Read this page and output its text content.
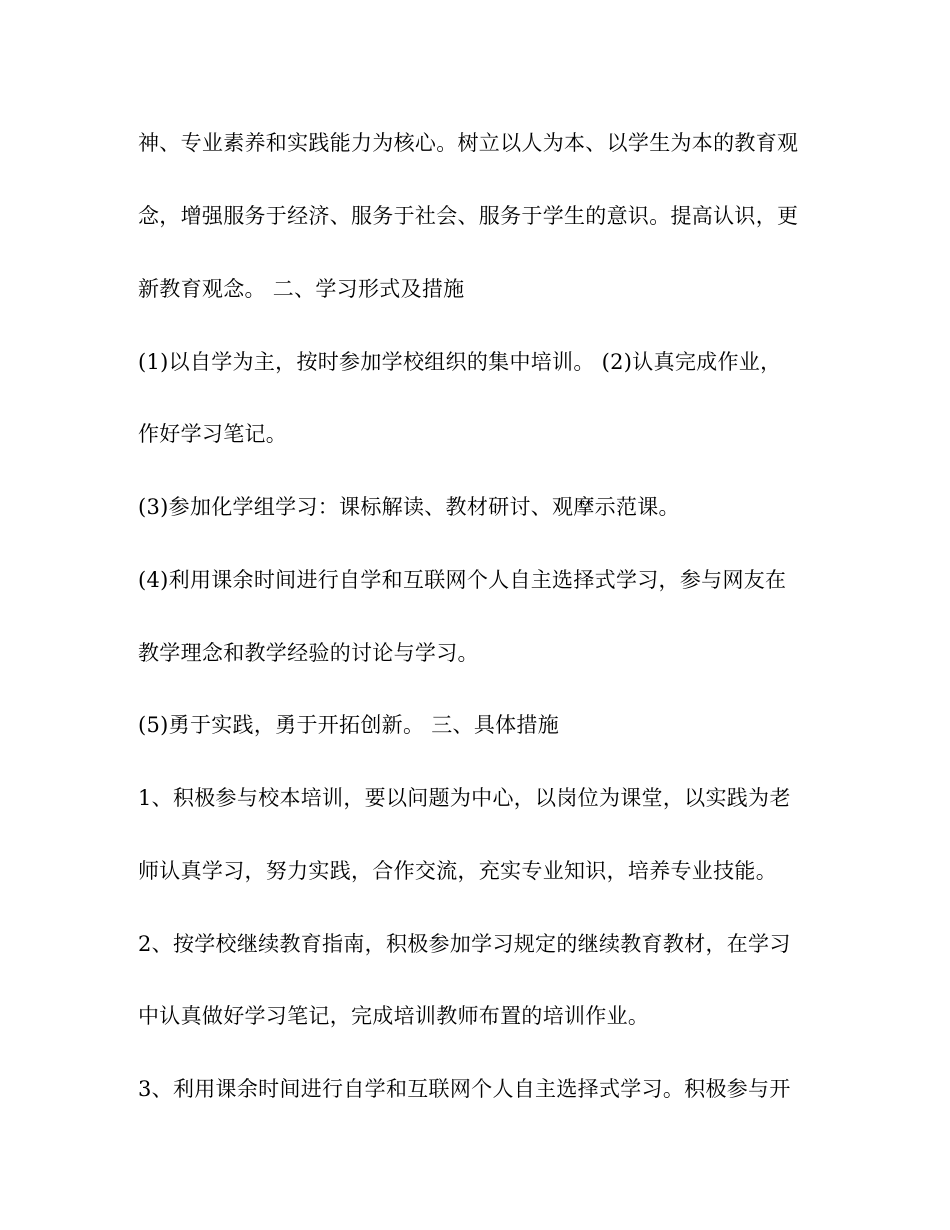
神、专业素养和实践能力为核心。树立以人为本、以学生为本的教育观
念，增强服务于经济、服务于社会、服务于学生的意识。提高认识，更
新教育观念。 二、学习形式及措施
(1)以自学为主，按时参加学校组织的集中培训。 (2)认真完成作业，
作好学习笔记。
(3)参加化学组学习：课标解读、教材研讨、观摩示范课。
(4)利用课余时间进行自学和互联网个人自主选择式学习，参与网友在
教学理念和教学经验的讨论与学习。
(5)勇于实践，勇于开拓创新。 三、具体措施
1、积极参与校本培训，要以问题为中心，以岗位为课堂，以实践为老
师认真学习，努力实践，合作交流，充实专业知识，培养专业技能。
2、按学校继续教育指南，积极参加学习规定的继续教育教材，在学习
中认真做好学习笔记，完成培训教师布置的培训作业。
3、利用课余时间进行自学和互联网个人自主选择式学习。积极参与开
